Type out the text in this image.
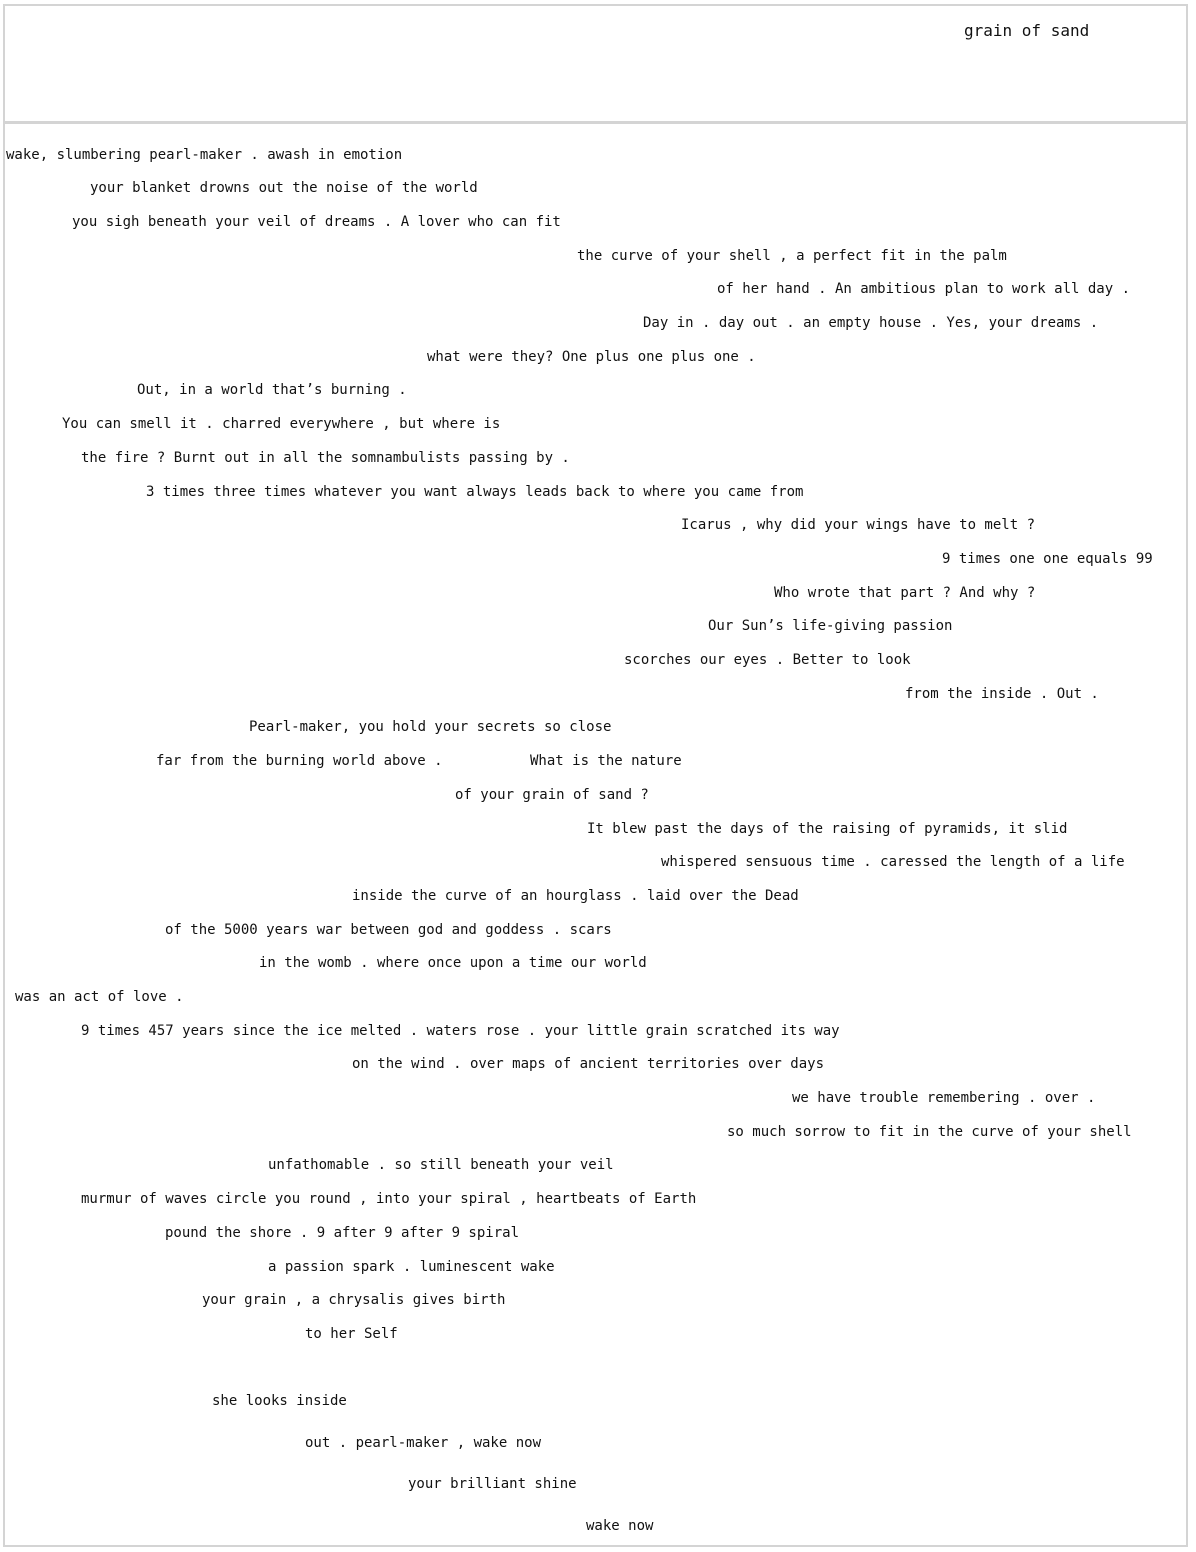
grain of sand
wake, slumbering pearl-maker . awash in emotion
your blanket drowns out the noise of the world
you sigh beneath your veil of dreams . A lover who can fit
the curve of your shell , a perfect fit in the palm
of her hand . An ambitious plan to work all day .
Day in . day out . an empty house . Yes, your dreams .
what were they? One plus one plus one .
Out, in a world that’s burning .
You can smell it . charred everywhere , but where is
the fire ? Burnt out in all the somnambulists passing by .
3 times three times whatever you want always leads back to where you came from
Icarus , why did your wings have to melt ?
9 times one one equals 99
Who wrote that part ? And why ?
Our Sun’s life-giving passion
scorches our eyes . Better to look
from the inside . Out .
Pearl-maker, you hold your secrets so close
far from the burning world above .	What is the nature
of your grain of sand ?
It blew past the days of the raising of pyramids, it slid
whispered sensuous time . caressed the length of a life
inside the curve of an hourglass . laid over the Dead
of the 5000 years war between god and goddess . scars
in the womb . where once upon a time our world
was an act of love .
9 times 457 years since the ice melted . waters rose . your little grain scratched its way
on the wind . over maps of ancient territories over days
we have trouble remembering . over .
so much sorrow to fit in the curve of your shell
unfathomable . so still beneath your veil
murmur of waves circle you round , into your spiral , heartbeats of Earth
pound the shore . 9 after 9 after 9 spiral
a passion spark . luminescent wake
your grain , a chrysalis gives birth
to her Self
she looks inside
out . pearl-maker , wake now
your brilliant shine
wake now
